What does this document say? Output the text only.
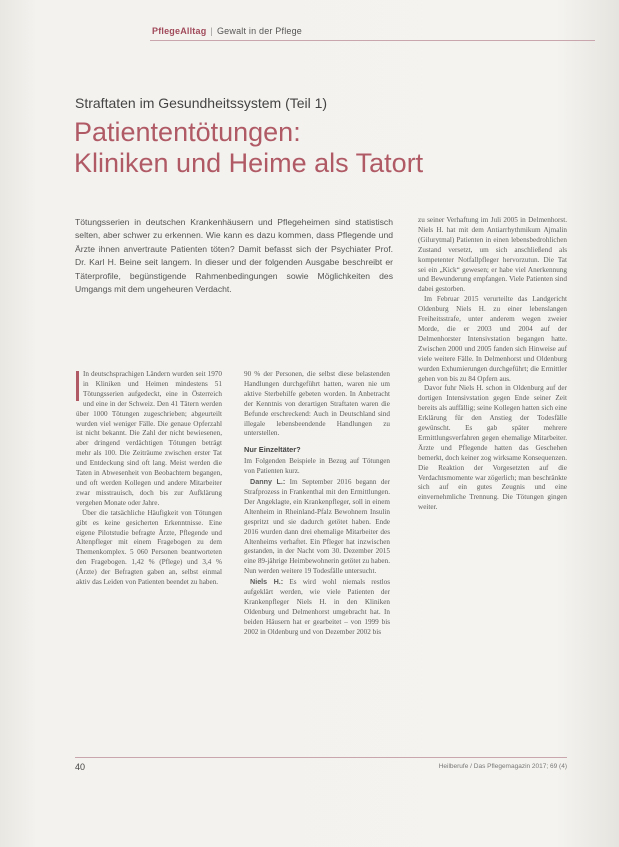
PflegeAlltag | Gewalt in der Pflege
Straftaten im Gesundheitssystem (Teil 1)
Patiententötungen:
Kliniken und Heime als Tatort
Tötungsserien in deutschen Krankenhäusern und Pflegeheimen sind statistisch selten, aber schwer zu erkennen. Wie kann es dazu kommen, dass Pflegende und Ärzte ihnen anvertraute Patienten töten? Damit befasst sich der Psychiater Prof. Dr. Karl H. Beine seit langem. In dieser und der folgenden Ausgabe beschreibt er Täterprofile, begünstigende Rahmenbedingungen sowie Möglichkeiten des Umgangs mit dem ungeheuren Verdacht.

In deutschsprachigen Ländern wurden seit 1970 in Kliniken und Heimen mindestens 51 Tötungsserien aufgedeckt, eine in Österreich und eine in der Schweiz. Den 41 Tätern werden über 1000 Tötungen zugeschrieben; abgeurteilt wurden viel weniger Fälle. Die genaue Opferzahl ist nicht bekannt. Die Zahl der nicht bewiesenen, aber dringend verdächtigen Tötungen beträgt mehr als 100. Die Zeiträume zwischen erster Tat und Entdeckung sind oft lang. Meist werden die Taten in Abwesenheit von Beobachtern begangen, und oft werden Kollegen und andere Mitarbeiter zwar misstrauisch, doch bis zur Aufklärung vergehen Monate oder Jahre.

Über die tatsächliche Häufigkeit von Tötungen gibt es keine gesicherten Erkenntnisse. Eine eigene Pilotstudie befragte Ärzte, Pflegende und Altenpfleger mit einem Fragebogen zu dem Themenkomplex. 5 060 Personen beantworteten den Fragebogen. 1,42 % (Pflege) und 3,4 % (Ärzte) der Befragten gaben an, selbst einmal aktiv das Leiden von Patienten beendet zu haben.

90 % der Personen, die selbst diese belastenden Handlungen durchgeführt hatten, waren nie um aktive Sterbehilfe gebeten worden. In Anbetracht der Kenntnis von derartigen Straftaten waren die Befunde erschreckend: Auch in Deutschland sind illegale lebensbeendende Handlungen zu unterstellen.

Nur Einzeltäter?

Im Folgenden Beispiele in Bezug auf Tötungen von Patienten kurz.

Danny L.: Im September 2016 begann der Strafprozess in Frankenthal mit den Ermittlungen. Der Angeklagte, ein Krankenpfleger, soll in einem Altenheim in Rheinland-Pfalz Bewohnern Insulin gespritzt und sie dadurch getötet haben. Ende 2016 wurden dann drei ehemalige Mitarbeiter des Altenheims verhaftet. Ein Pfleger hat inzwischen gestanden, in der Nacht vom 30. Dezember 2015 eine 89-jährige Heimbewohnerin getötet zu haben. Nun werden weitere 19 Todesfälle untersucht.

Niels H.: Es wird wohl niemals restlos aufgeklärt werden, wie viele Patienten der Krankenpfleger Niels H. in den Kliniken Oldenburg und Delmenhorst umgebracht hat. In beiden Häusern hat er gearbeitet – von 1999 bis 2002 in Oldenburg und von Dezember 2002 bis

zu seiner Verhaftung im Juli 2005 in Delmenhorst. Niels H. hat mit dem Antiarrhythmikum Ajmalin (Gilurytmal) Patienten in einen lebensbedrohlichen Zustand versetzt, um sich anschließend als kompetenter Notfallpfleger hervorzutun. Die Tat sei ein „Kick“ gewesen; er habe viel Anerkennung und Bewunderung empfangen. Viele Patienten sind dabei gestorben.

Im Februar 2015 verurteilte das Landgericht Oldenburg Niels H. zu einer lebenslangen Freiheitsstrafe, unter anderem wegen zweier Morde, die er 2003 und 2004 auf der Delmenhorster Intensivstation begangen hatte. Zwischen 2000 und 2005 fanden sich Hinweise auf viele weitere Fälle. In Delmenhorst und Oldenburg wurden Exhumierungen durchgeführt; die Ermittler gehen von bis zu 84 Opfern aus.

Davor fuhr Niels H. schon in Oldenburg auf der dortigen Intensivstation gegen Ende seiner Zeit bereits als auffällig; seine Kollegen hatten sich eine Erklärung für den Anstieg der Todesfälle gewünscht. Es gab später mehrere Ermittlungsverfahren gegen ehemalige Mitarbeiter. Ärzte und Pflegende hatten das Geschehen bemerkt, doch keiner zog wirksame Konsequenzen. Die Reaktion der Vorgesetzten auf die Verdachtsmomente war zögerlich; man beschränkte sich auf ein gutes Zeugnis und eine einvernehmliche Trennung. Die Tötungen gingen weiter.

40	Heilberufe / Das Pflegemagazin 2017; 69 (4)
